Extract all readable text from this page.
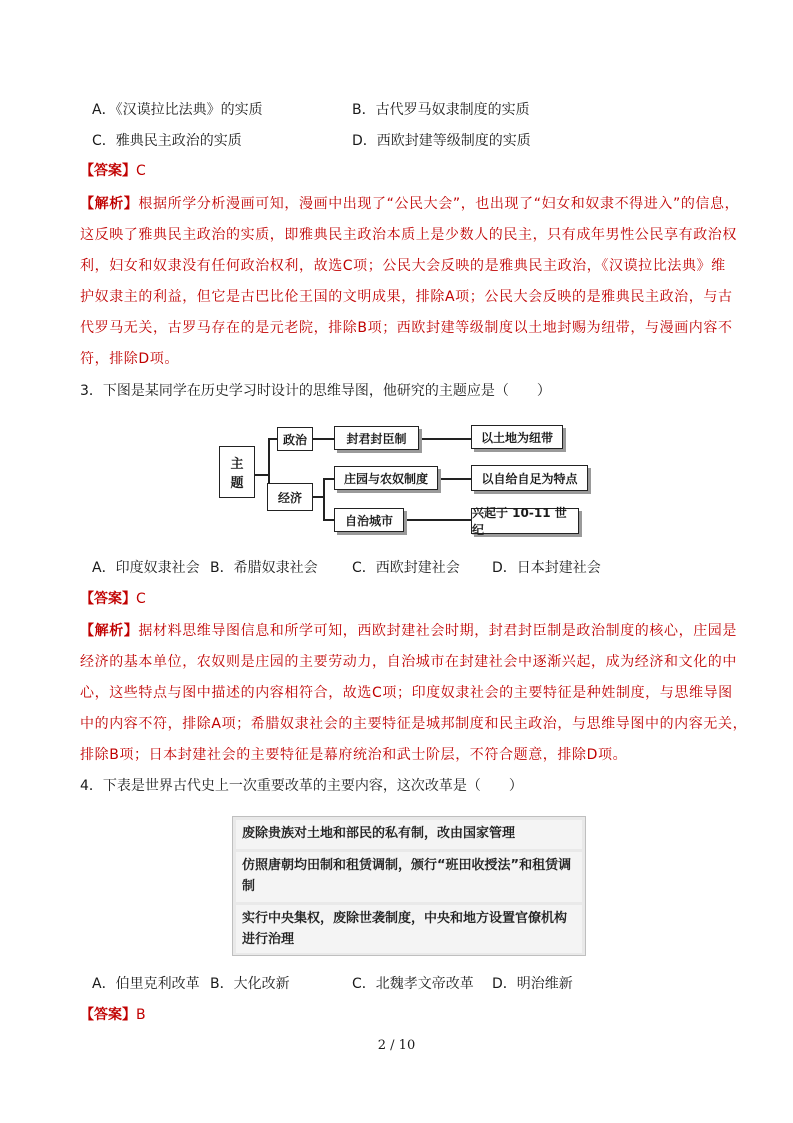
A．《汉谟拉比法典》的实质	B．古代罗马奴隶制度的实质
C．雅典民主政治的实质	D．西欧封建等级制度的实质
【答案】C
【解析】根据所学分析漫画可知，漫画中出现了“公民大会”，也出现了“妇女和奴隶不得进入”的信息，
这反映了雅典民主政治的实质，即雅典民主政治本质上是少数人的民主，只有成年男性公民享有政治权
利，妇女和奴隶没有任何政治权利，故选C项；公民大会反映的是雅典民主政治，《汉谟拉比法典》维
护奴隶主的利益，但它是古巴比伦王国的文明成果，排除A项；公民大会反映的是雅典民主政治，与古
代罗马无关，古罗马存在的是元老院，排除B项；西欧封建等级制度以土地封赐为纽带，与漫画内容不
符，排除D项。
3．下图是某同学在历史学习时设计的思维导图，他研究的主题应是（　　）
主
题
政治
经济
封君封臣制
庄园与农奴制度
自治城市
以土地为纽带
以自给自足为特点
兴起于 10-11 世纪
A．印度奴隶社会 B．希腊奴隶社会 C．西欧封建社会 D．日本封建社会
【答案】C
【解析】据材料思维导图信息和所学可知，西欧封建社会时期，封君封臣制是政治制度的核心，庄园是
经济的基本单位，农奴则是庄园的主要劳动力，自治城市在封建社会中逐渐兴起，成为经济和文化的中
心，这些特点与图中描述的内容相符合，故选C项；印度奴隶社会的主要特征是种姓制度，与思维导图
中的内容不符，排除A项；希腊奴隶社会的主要特征是城邦制度和民主政治，与思维导图中的内容无关，
排除B项；日本封建社会的主要特征是幕府统治和武士阶层，不符合题意，排除D项。
4．下表是世界古代史上一次重要改革的主要内容，这次改革是（　　）
废除贵族对土地和部民的私有制，改由国家管理
仿照唐朝均田制和租赁调制，颁行“班田收授法”和租赁调制
实行中央集权，废除世袭制度，中央和地方设置官僚机构进行治理
A．伯里克利改革 B．大化改新	C．北魏孝文帝改革 D．明治维新
【答案】B
2 / 10
